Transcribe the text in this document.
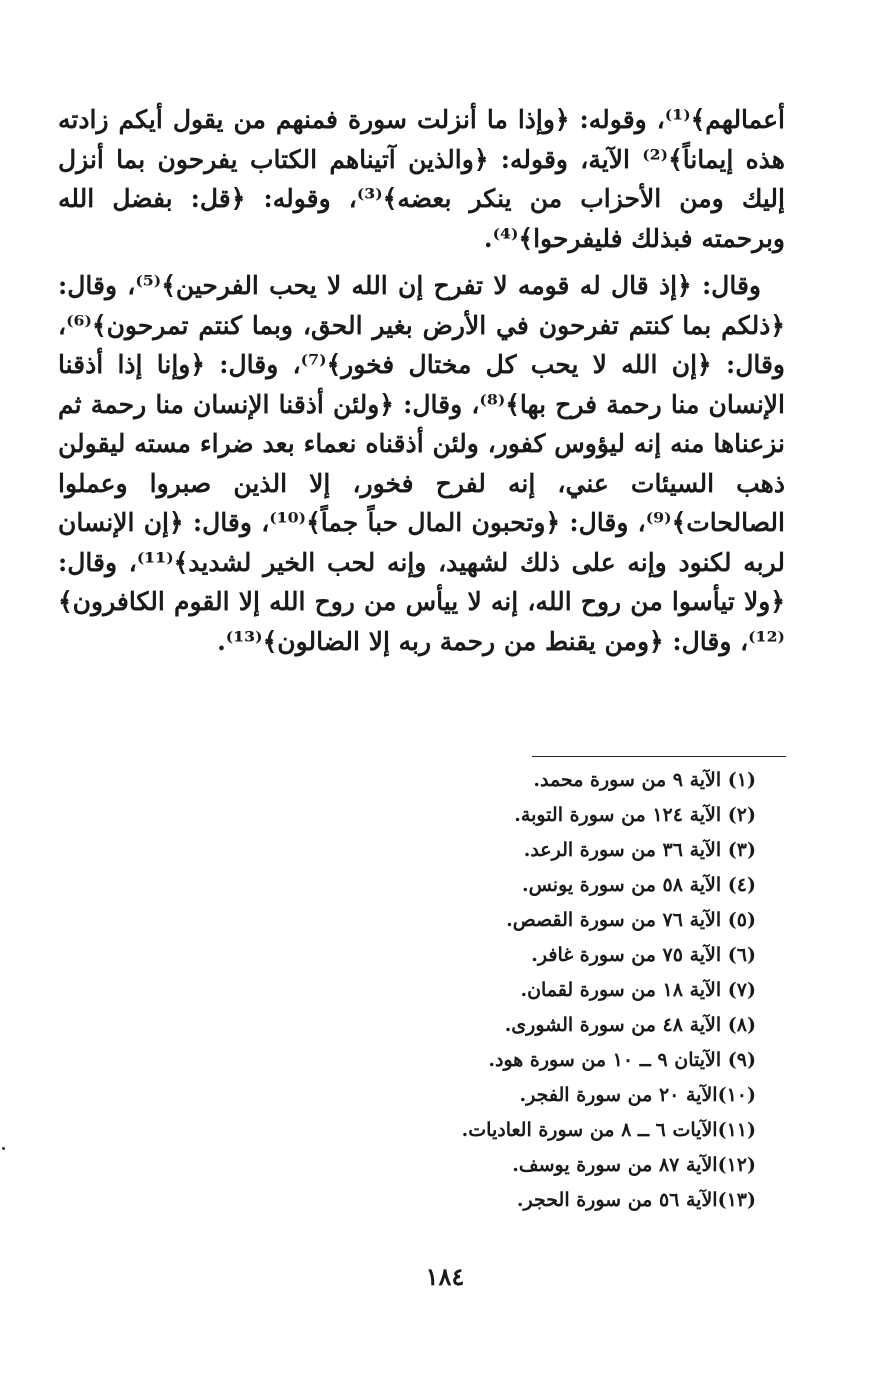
أعمالهم﴾⁽¹⁾، وقوله: ﴿وإذا ما أنزلت سورة فمنهم من يقول أيكم زادته هذه إيماناً﴾⁽²⁾ الآية، وقوله: ﴿والذين آتيناهم الكتاب يفرحون بما أنزل إليك ومن الأحزاب من ينكر بعضه﴾⁽³⁾، وقوله: ﴿قل: بفضل الله وبرحمته فبذلك فليفرحوا﴾⁽⁴⁾.

وقال: ﴿إذ قال له قومه لا تفرح إن الله لا يحب الفرحين﴾⁽⁵⁾، وقال: ﴿ذلكم بما كنتم تفرحون في الأرض بغير الحق، وبما كنتم تمرحون﴾⁽⁶⁾، وقال: ﴿إن الله لا يحب كل مختال فخور﴾⁽⁷⁾، وقال: ﴿وإنا إذا أذقنا الإنسان منا رحمة فرح بها﴾⁽⁸⁾، وقال: ﴿ولئن أذقنا الإنسان منا رحمة ثم نزعناها منه إنه ليؤوس كفور، ولئن أذقناه نعماء بعد ضراء مسته ليقولن ذهب السيئات عني، إنه لفرح فخور، إلا الذين صبروا وعملوا الصالحات﴾⁽⁹⁾، وقال: ﴿وتحبون المال حباً جماً﴾⁽¹⁰⁾، وقال: ﴿إن الإنسان لربه لكنود وإنه على ذلك لشهيد، وإنه لحب الخير لشديد﴾⁽¹¹⁾، وقال: ﴿ولا تيأسوا من روح الله، إنه لا ييأس من روح الله إلا القوم الكافرون﴾⁽¹²⁾، وقال: ﴿ومن يقنط من رحمة ربه إلا الضالون﴾⁽¹³⁾.

(١) الآية ٩ من سورة محمد.
(٢) الآية ١٢٤ من سورة التوبة.
(٣) الآية ٣٦ من سورة الرعد.
(٤) الآية ٥٨ من سورة يونس.
(٥) الآية ٧٦ من سورة القصص.
(٦) الآية ٧٥ من سورة غافر.
(٧) الآية ١٨ من سورة لقمان.
(٨) الآية ٤٨ من سورة الشورى.
(٩) الآيتان ٩ ــ ١٠ من سورة هود.
(١٠)الآية ٢٠ من سورة الفجر.
(١١)الآيات ٦ ــ ٨ من سورة العاديات.
(١٢)الآية ٨٧ من سورة يوسف.
(١٣)الآية ٥٦ من سورة الحجر.
١٨٤
